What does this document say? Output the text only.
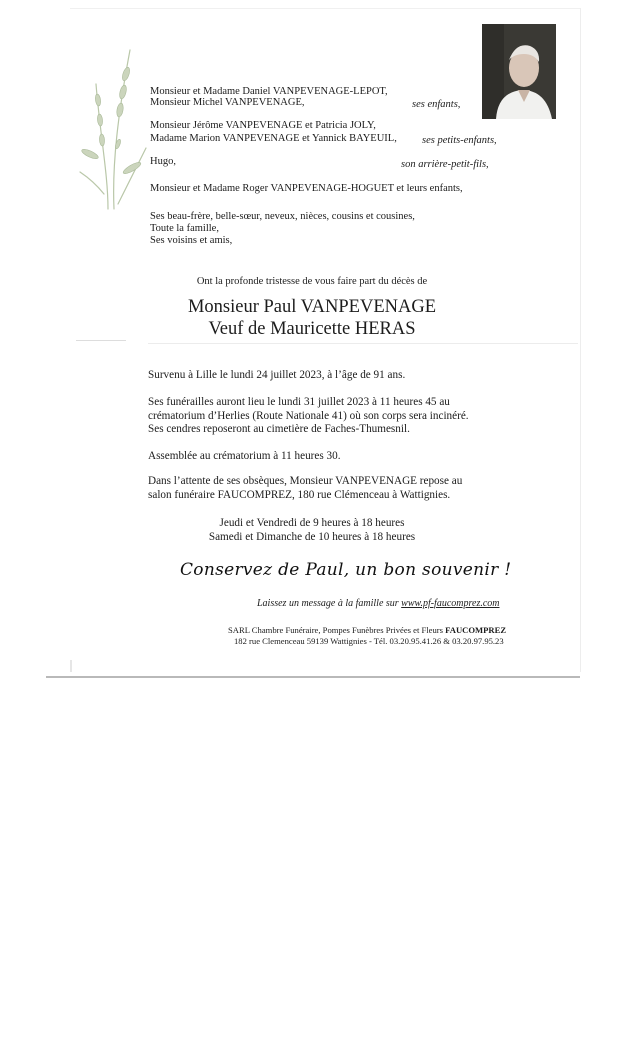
Monsieur et Madame Daniel VANPEVENAGE-LEPOT,
Monsieur Michel VANPEVENAGE,	ses enfants,
Monsieur Jérôme VANPEVENAGE et Patricia JOLY,
Madame Marion VANPEVENAGE et Yannick BAYEUIL, ses petits-enfants,
Hugo,	son arrière-petit-fils,
Monsieur et Madame Roger VANPEVENAGE-HOGUET et leurs enfants,
Ses beau-frère, belle-sœur, neveux, nièces, cousins et cousines,
Toute la famille,
Ses voisins et amis,
Ont la profonde tristesse de vous faire part du décès de
Monsieur Paul VANPEVENAGE
Veuf de Mauricette HERAS
Survenu à Lille le lundi 24 juillet 2023, à l’âge de 91 ans.
Ses funérailles auront lieu le lundi 31 juillet 2023 à 11 heures 45 au
crématorium d’Herlies (Route Nationale 41) où son corps sera incinéré.
Ses cendres reposeront au cimetière de Faches-Thumesnil.
Assemblée au crématorium à 11 heures 30.
Dans l’attente de ses obsèques, Monsieur VANPEVENAGE repose au
salon funéraire FAUCOMPREZ, 180 rue Clémenceau à Wattignies.
Jeudi et Vendredi de 9 heures à 18 heures
Samedi et Dimanche de 10 heures à 18 heures
Conservez de Paul, un bon souvenir !
Laissez un message à la famille sur www.pf-faucomprez.com
SARL Chambre Funéraire, Pompes Funèbres Privées et Fleurs FAUCOMPREZ
182 rue Clemenceau 59139 Wattignies - Tél. 03.20.95.41.26 & 03.20.97.95.23
